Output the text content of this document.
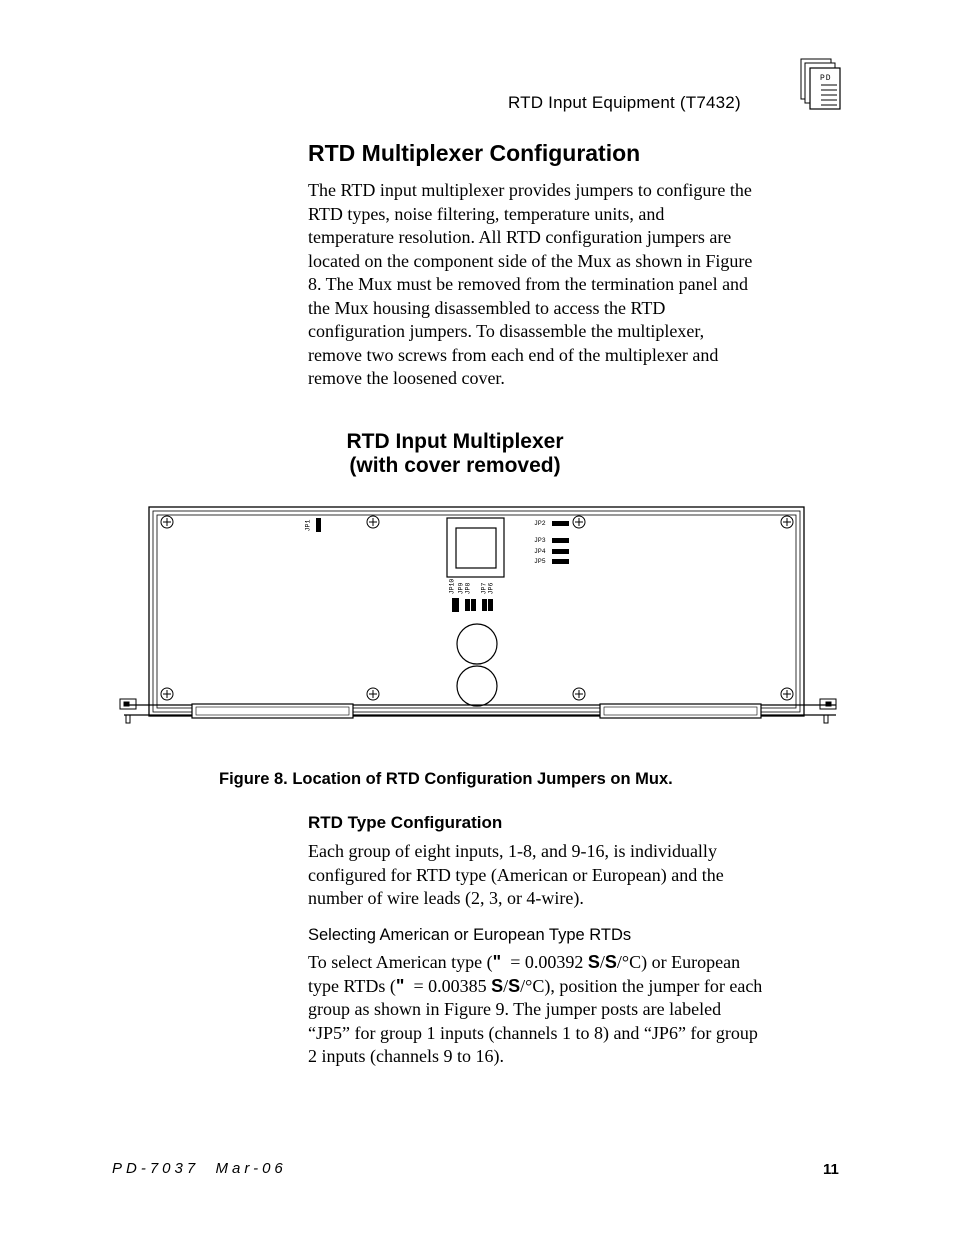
RTD Input Equipment (T7432)
PD
RTD Multiplexer Configuration
The RTD input multiplexer provides jumpers to configure the
RTD types, noise filtering, temperature units, and
temperature resolution. All RTD configuration jumpers are
located on the component side of the Mux as shown in Figure
8. The Mux must be removed from the termination panel and
the Mux housing disassembled to access the RTD
configuration jumpers. To disassemble the multiplexer,
remove two screws from each end of the multiplexer and
remove the loosened cover.
RTD Input Multiplexer
(with cover removed)
JP1	JP2
JP3
JP4
JP5
JP10 JP9 JP8 JP7 JP6
Figure 8. Location of RTD Configuration Jumpers on Mux.
RTD Type Configuration
Each group of eight inputs, 1-8, and 9-16, is individually
configured for RTD type (American or European) and the
number of wire leads (2, 3, or 4-wire).
Selecting American or European Type RTDs
To select American type ("  = 0.00392 S/S/°C) or European
type RTDs ("  = 0.00385 S/S/°C), position the jumper for each
group as shown in Figure 9. The jumper posts are labeled
“JP5” for group 1 inputs (channels 1 to 8) and “JP6” for group
2 inputs (channels 9 to 16).
PD-7037  Mar-06	11
